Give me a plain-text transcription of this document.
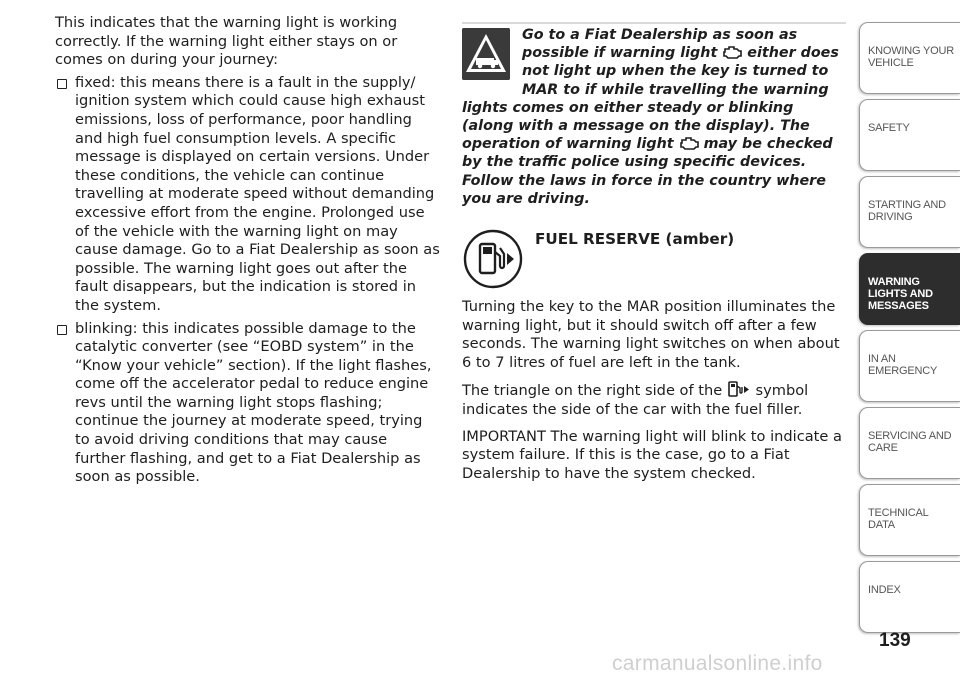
This indicates that the warning light is working correctly. If the warning light either stays on or comes on during your journey:

fixed: this means there is a fault in the supply/ ignition system which could cause high exhaust emissions, loss of performance, poor handling and high fuel consumption levels. A specific message is displayed on certain versions. Under these conditions, the vehicle can continue travelling at moderate speed without demanding excessive effort from the engine. Prolonged use of the vehicle with the warning light on may cause damage. Go to a Fiat Dealership as soon as possible. The warning light goes out after the fault disappears, but the indication is stored in the system.
blinking: this indicates possible damage to the catalytic converter (see “EOBD system” in the “Know your vehicle” section). If the light flashes, come off the accelerator pedal to reduce engine revs until the warning light stops flashing; continue the journey at moderate speed, trying to avoid driving conditions that may cause further flashing, and get to a Fiat Dealership as soon as possible.
Go to a Fiat Dealership as soon as possible if warning light  either does not light up when the key is turned to MAR to if while travelling the warning lights comes on either steady or blinking (along with a message on the display). The operation of warning light  may be checked by the traffic police using specific devices. Follow the laws in force in the country where you are driving.
FUEL RESERVE (amber)

Turning the key to the MAR position illuminates the warning light, but it should switch off after a few seconds. The warning light switches on when about 6 to 7 litres of fuel are left in the tank.

The triangle on the right side of the  symbol indicates the side of the car with the fuel filler.

IMPORTANT The warning light will blink to indicate a system failure. If this is the case, go to a Fiat Dealership to have the system checked.

KNOWING YOUR VEHICLE
SAFETY
STARTING AND DRIVING
WARNING LIGHTS AND MESSAGES
IN AN EMERGENCY
SERVICING AND CARE
TECHNICAL DATA
INDEX
139
carmanualsonline.info
